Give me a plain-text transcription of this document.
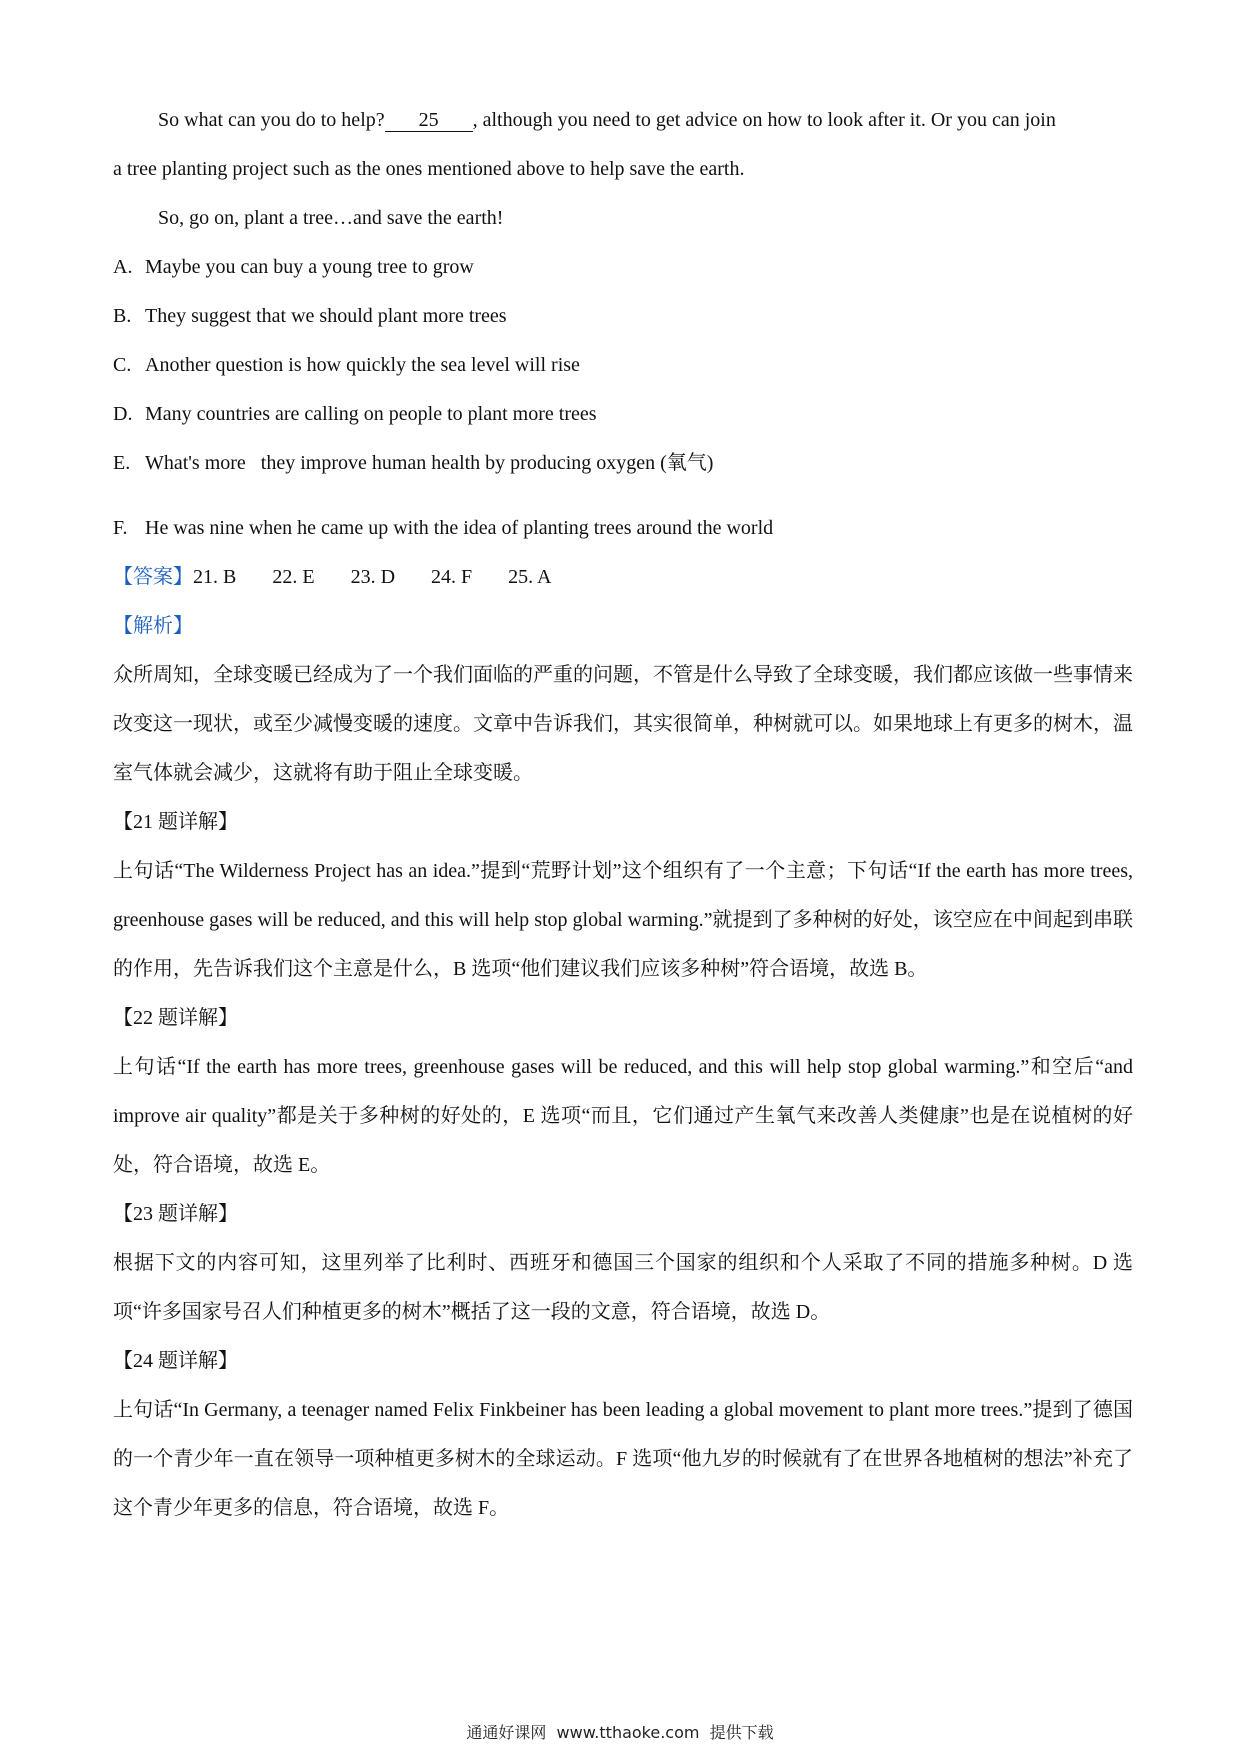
So what can you do to help? 25 , although you need to get advice on how to look after it. Or you can join
a tree planting project such as the ones mentioned above to help save the earth.
So, go on, plant a tree…and save the earth!
A. Maybe you can buy a young tree to grow
B. They suggest that we should plant more trees
C. Another question is how quickly the sea level will rise
D. Many countries are calling on people to plant more trees
E. What's more   they improve human health by producing oxygen (氧气)
F. He was nine when he came up with the idea of planting trees around the world
【答案】21. B 22. E 23. D 24. F 25. A
【解析】

众所周知，全球变暖已经成为了一个我们面临的严重的问题，不管是什么导致了全球变暖，我们都应该做一些事情来改变这一现状，或至少减慢变暖的速度。文章中告诉我们，其实很简单，种树就可以。如果地球上有更多的树木，温室气体就会减少，这就将有助于阻止全球变暖。

【21 题详解】

上句话“The Wilderness Project has an idea.”提到“荒野计划”这个组织有了一个主意；下句话“If the earth has more trees, greenhouse gases will be reduced, and this will help stop global warming.”就提到了多种树的好处，该空应在中间起到串联的作用，先告诉我们这个主意是什么，B 选项“他们建议我们应该多种树”符合语境，故选 B。

【22 题详解】

上句话“If the earth has more trees, greenhouse gases will be reduced, and this will help stop global warming.”和空后“and improve air quality”都是关于多种树的好处的，E 选项“而且，它们通过产生氧气来改善人类健康”也是在说植树的好处，符合语境，故选 E。

【23 题详解】

根据下文的内容可知，这里列举了比利时、西班牙和德国三个国家的组织和个人采取了不同的措施多种树。D 选项“许多国家号召人们种植更多的树木”概括了这一段的文意，符合语境，故选 D。

【24 题详解】

上句话“In Germany, a teenager named Felix Finkbeiner has been leading a global movement to plant more trees.”提到了德国的一个青少年一直在领导一项种植更多树木的全球运动。F 选项“他九岁的时候就有了在世界各地植树的想法”补充了这个青少年更多的信息，符合语境，故选 F。

通通好课网  www.tthaoke.com  提供下载
